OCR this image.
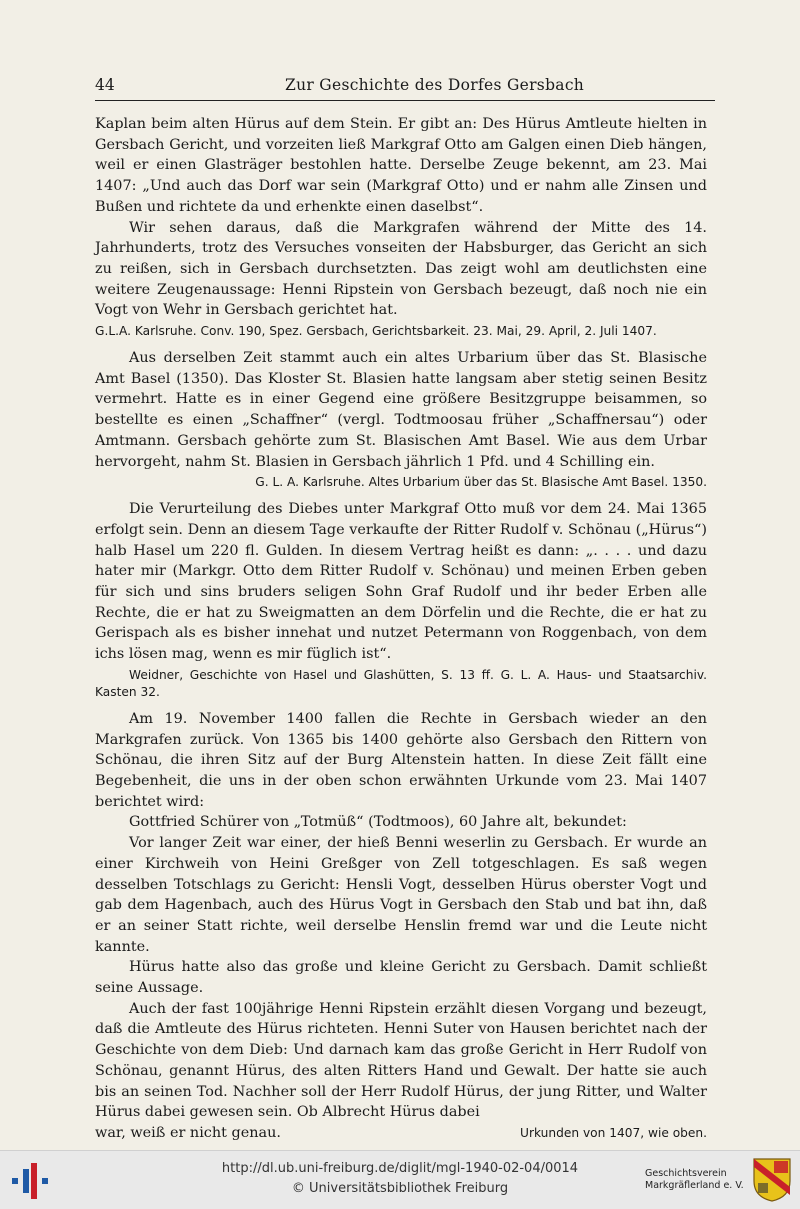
44	Zur Geschichte des Dorfes Gersbach

Kaplan beim alten Hürus auf dem Stein. Er gibt an: Des Hürus Amtleute hielten in Gersbach Gericht, und vorzeiten ließ Markgraf Otto am Galgen einen Dieb hängen, weil er einen Glasträger bestohlen hatte. Derselbe Zeuge bekennt, am 23. Mai 1407: „Und auch das Dorf war sein (Markgraf Otto) und er nahm alle Zinsen und Bußen und richtete da und erhenkte einen daselbst“.

Wir sehen daraus, daß die Markgrafen während der Mitte des 14. Jahrhunderts, trotz des Versuches vonseiten der Habsburger, das Gericht an sich zu reißen, sich in Gersbach durchsetzten. Das zeigt wohl am deutlichsten eine weitere Zeugenaussage: Henni Ripstein von Gersbach bezeugt, daß noch nie ein Vogt von Wehr in Gersbach gerichtet hat.

G.L.A. Karlsruhe. Conv. 190, Spez. Gersbach, Gerichtsbarkeit. 23. Mai, 29. April, 2. Juli 1407.

Aus derselben Zeit stammt auch ein altes Urbarium über das St. Blasische Amt Basel (1350). Das Kloster St. Blasien hatte langsam aber stetig seinen Besitz vermehrt. Hatte es in einer Gegend eine größere Besitzgruppe beisammen, so bestellte es einen „Schaffner“ (vergl. Todtmoosau früher „Schaffnersau“) oder Amtmann. Gersbach gehörte zum St. Blasischen Amt Basel. Wie aus dem Urbar hervorgeht, nahm St. Blasien in Gersbach jährlich 1 Pfd. und 4 Schilling ein.

G. L. A. Karlsruhe. Altes Urbarium über das St. Blasische Amt Basel. 1350.

Die Verurteilung des Diebes unter Markgraf Otto muß vor dem 24. Mai 1365 erfolgt sein. Denn an diesem Tage verkaufte der Ritter Rudolf v. Schönau („Hürus“) halb Hasel um 220 fl. Gulden. In diesem Vertrag heißt es dann: „. . . . und dazu hater mir (Markgr. Otto dem Ritter Rudolf v. Schönau) und meinen Erben geben für sich und sins bruders seligen Sohn Graf Rudolf und ihr beder Erben alle Rechte, die er hat zu Sweigmatten an dem Dörfelin und die Rechte, die er hat zu Gerispach als es bisher innehat und nutzet Petermann von Roggenbach, von dem ichs lösen mag, wenn es mir füglich ist“.

Weidner, Geschichte von Hasel und Glashütten, S. 13 ff. G. L. A. Haus- und Staatsarchiv. Kasten 32.

Am 19. November 1400 fallen die Rechte in Gersbach wieder an den Markgrafen zurück. Von 1365 bis 1400 gehörte also Gersbach den Rittern von Schönau, die ihren Sitz auf der Burg Altenstein hatten. In diese Zeit fällt eine Begebenheit, die uns in der oben schon erwähnten Urkunde vom 23. Mai 1407 berichtet wird:

Gottfried Schürer von „Totmüß“ (Todtmoos), 60 Jahre alt, bekundet:

Vor langer Zeit war einer, der hieß Benni weserlin zu Gersbach. Er wurde an einer Kirchweih von Heini Greßger von Zell totgeschlagen. Es saß wegen desselben Totschlags zu Gericht: Hensli Vogt, desselben Hürus oberster Vogt und gab dem Hagenbach, auch des Hürus Vogt in Gersbach den Stab und bat ihn, daß er an seiner Statt richte, weil derselbe Henslin fremd war und die Leute nicht kannte.

Hürus hatte also das große und kleine Gericht zu Gersbach. Damit schließt seine Aussage.

Auch der fast 100jährige Henni Ripstein erzählt diesen Vorgang und bezeugt, daß die Amtleute des Hürus richteten. Henni Suter von Hausen berichtet nach der Geschichte von dem Dieb: Und darnach kam das große Gericht in Herr Rudolf von Schönau, genannt Hürus, des alten Ritters Hand und Gewalt. Der hatte sie auch bis an seinen Tod. Nachher soll der Herr Rudolf Hürus, der jung Ritter, und Walter Hürus dabei gewesen sein. Ob Albrecht Hürus dabei

war, weiß er nicht genau.	Urkunden von 1407, wie oben.
http://dl.ub.uni-freiburg.de/diglit/mgl-1940-02-04/0014
© Universitätsbibliothek Freiburg
Geschichtsverein
Markgräflerland e. V.
